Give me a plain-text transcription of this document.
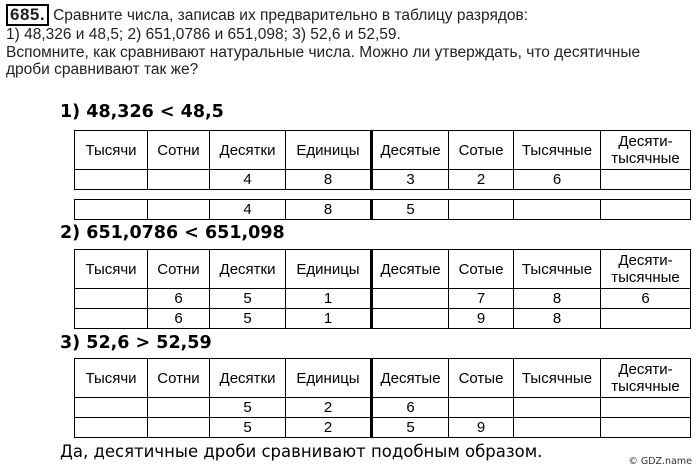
685. Сравните числа, записав их предварительно в таблицу разрядов:

1) 48,326 и 48,5; 2) 651,0786 и 651,098; 3) 52,6 и 52,59.

Вспомните, как сравнивают натуральные числа. Можно ли утверждать, что десятичные

дроби сравнивают так же?

1) 48,326 < 48,5
Тысячи	Сотни	Десятки	Единицы	Десятые	Сотые	Тысячные	Десяти-тысячные
		4	8	3	2	6	
		4	8	5			
2) 651,0786 < 651,098
Тысячи	Сотни	Десятки	Единицы	Десятые	Сотые	Тысячные	Десяти-тысячные
	6	5	1		7	8	6
	6	5	1		9	8	
3) 52,6 > 52,59
Тысячи	Сотни	Десятки	Единицы	Десятые	Сотые	Тысячные	Десяти-тысячные
		5	2	6			
		5	2	5	9		
Да, десятичные дроби сравнивают подобным образом.
© GDZ.name
